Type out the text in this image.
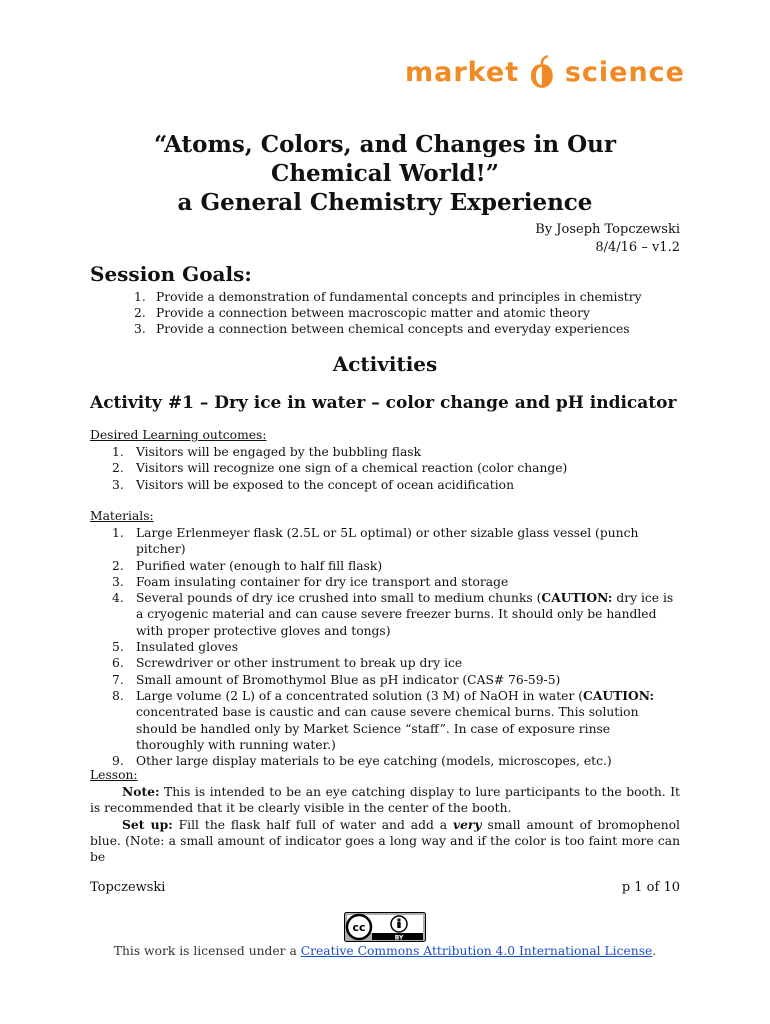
market science
“Atoms, Colors, and Changes in Our
Chemical World!”
a General Chemistry Experience
By Joseph Topczewski
8/4/16 – v1.2
Session Goals:
1. Provide a demonstration of fundamental concepts and principles in chemistry
2. Provide a connection between macroscopic matter and atomic theory
3. Provide a connection between chemical concepts and everyday experiences
Activities
Activity #1 – Dry ice in water – color change and pH indicator
Desired Learning outcomes:
1. Visitors will be engaged by the bubbling flask
2. Visitors will recognize one sign of a chemical reaction (color change)
3. Visitors will be exposed to the concept of ocean acidification
Materials:
1. Large Erlenmeyer flask (2.5L or 5L optimal) or other sizable glass vessel (punch pitcher)
2. Purified water (enough to half fill flask)
3. Foam insulating container for dry ice transport and storage
4. Several pounds of dry ice crushed into small to medium chunks (CAUTION: dry ice is a cryogenic material and can cause severe freezer burns. It should only be handled with proper protective gloves and tongs)
5. Insulated gloves
6. Screwdriver or other instrument to break up dry ice
7. Small amount of Bromothymol Blue as pH indicator (CAS# 76-59-5)
8. Large volume (2 L) of a concentrated solution (3 M) of NaOH in water (CAUTION: concentrated base is caustic and can cause severe chemical burns. This solution should be handled only by Market Science “staff”. In case of exposure rinse thoroughly with running water.)
9. Other large display materials to be eye catching (models, microscopes, etc.)
Lesson:

Note: This is intended to be an eye catching display to lure participants to the booth. It is recommended that it be clearly visible in the center of the booth.

Set up: Fill the flask half full of water and add a very small amount of bromophenol blue. (Note: a small amount of indicator goes a long way and if the color is too faint more can be

Topczewski	p 1 of 10
cc
BY
This work is licensed under a Creative Commons Attribution 4.0 International License.
